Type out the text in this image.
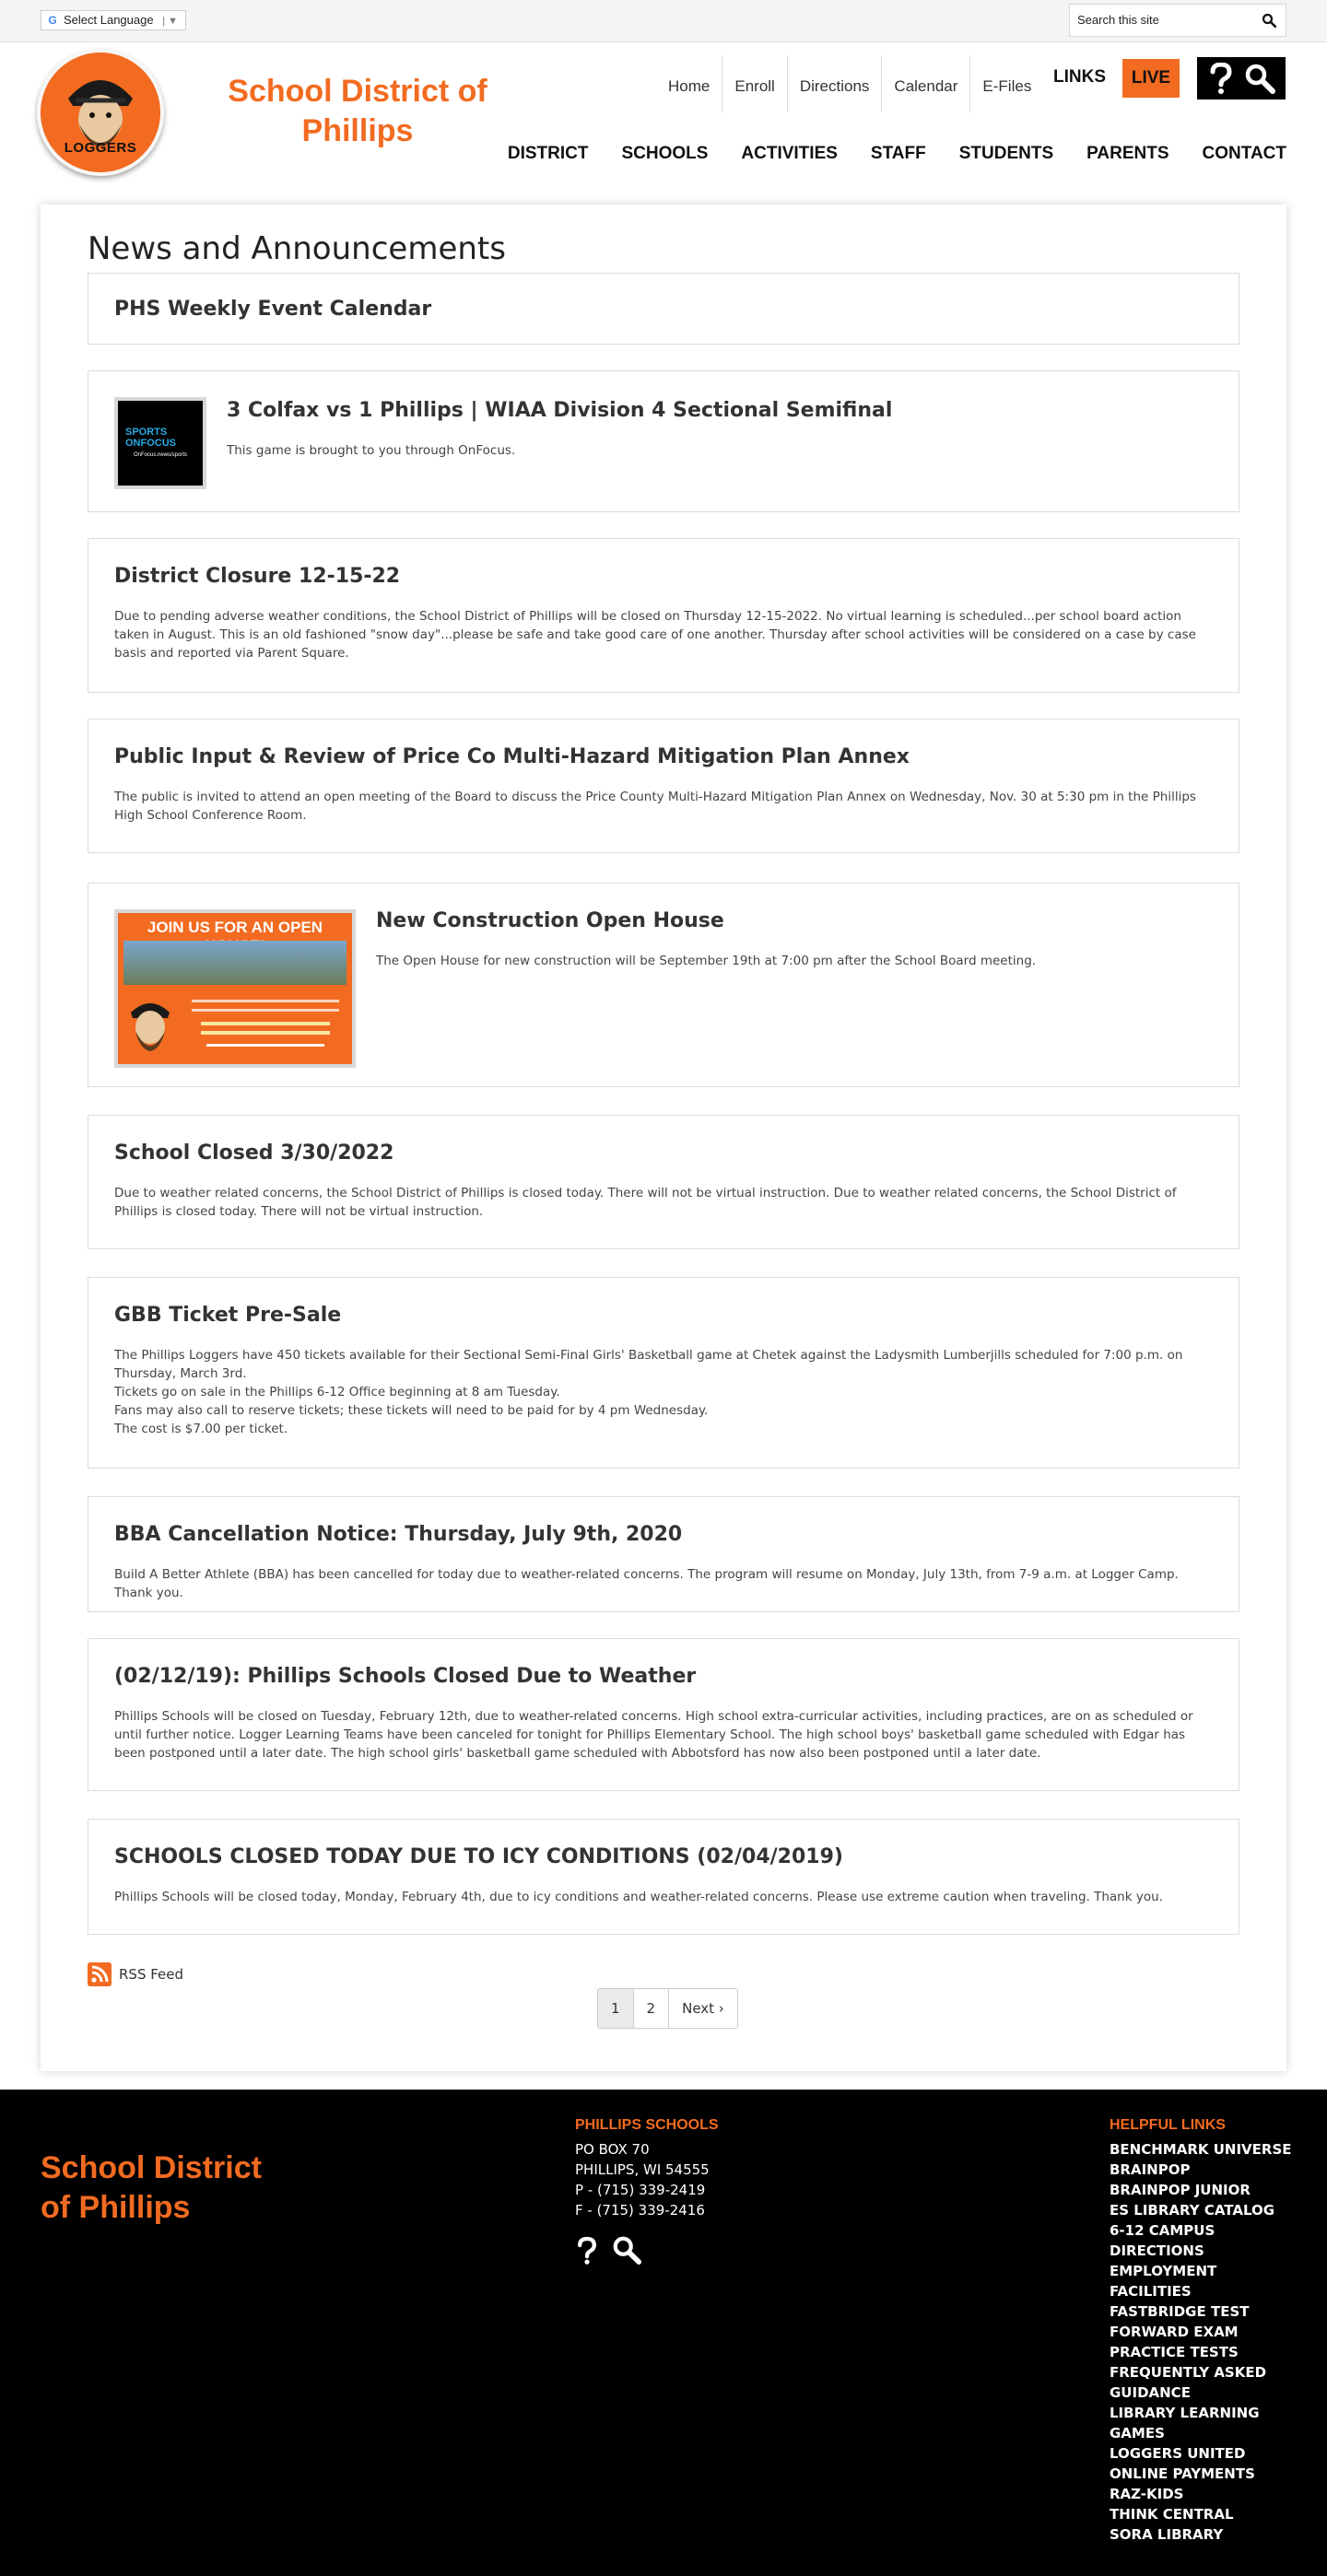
G Select Language | ▼	Search this site
LOGGERS
School District of
Phillips
Home	Enroll	Directions	Calendar	E-Files	LINKS	LIVE
DISTRICT	SCHOOLS	ACTIVITIES	STAFF	STUDENTS	PARENTS	CONTACT
News and Announcements
PHS Weekly Event Calendar
SPORTS ONFOCUS
OnFocus.news/sports
3 Colfax vs 1 Phillips | WIAA Division 4 Sectional Semifinal

This game is brought to you through OnFocus.

District Closure 12-15-22

Due to pending adverse weather conditions, the School District of Phillips will be closed on Thursday 12-15-2022. No virtual learning is scheduled...per school board action taken in August. This is an old fashioned "snow day"...please be safe and take good care of one another. Thursday after school activities will be considered on a case by case basis and reported via Parent Square.

Public Input & Review of Price Co Multi-Hazard Mitigation Plan Annex

The public is invited to attend an open meeting of the Board to discuss the Price County Multi-Hazard Mitigation Plan Annex on Wednesday, Nov. 30 at 5:30 pm in the Phillips High School Conference Room.

JOIN US FOR AN OPEN	New Construction Open House

The Open House for new construction will be September 19th at 7:00 pm after the School Board meeting.

School Closed 3/30/2022

Due to weather related concerns, the School District of Phillips is closed today. There will not be virtual instruction. Due to weather related concerns, the School District of Phillips is closed today. There will not be virtual instruction.

GBB Ticket Pre-Sale

The Phillips Loggers have 450 tickets available for their Sectional Semi-Final Girls' Basketball game at Chetek against the Ladysmith Lumberjills scheduled for 7:00 p.m. on Thursday, March 3rd.
Tickets go on sale in the Phillips 6-12 Office beginning at 8 am Tuesday.
Fans may also call to reserve tickets; these tickets will need to be paid for by 4 pm Wednesday.
The cost is $7.00 per ticket.

BBA Cancellation Notice: Thursday, July 9th, 2020

Build A Better Athlete (BBA) has been cancelled for today due to weather-related concerns. The program will resume on Monday, July 13th, from 7-9 a.m. at Logger Camp. Thank you.

(02/12/19): Phillips Schools Closed Due to Weather

Phillips Schools will be closed on Tuesday, February 12th, due to weather-related concerns. High school extra-curricular activities, including practices, are on as scheduled or until further notice. Logger Learning Teams have been canceled for tonight for Phillips Elementary School. The high school boys' basketball game scheduled with Edgar has been postponed until a later date. The high school girls' basketball game scheduled with Abbotsford has now also been postponed until a later date.

SCHOOLS CLOSED TODAY DUE TO ICY CONDITIONS (02/04/2019)

Phillips Schools will be closed today, Monday, February 4th, due to icy conditions and weather-related concerns. Please use extreme caution when traveling. Thank you.

RSS Feed
1	2	Next ›
School District
of Phillips
PHILLIPS SCHOOLS
PO BOX 70
PHILLIPS, WI 54555
P - (715) 339-2419
F - (715) 339-2416
HELPFUL LINKS
BENCHMARK UNIVERSE
BRAINPOP
BRAINPOP JUNIOR
ES LIBRARY CATALOG
6-12 CAMPUS
DIRECTIONS
EMPLOYMENT
FACILITIES
FASTBRIDGE TEST
FORWARD EXAM
PRACTICE TESTS
FREQUENTLY ASKED
GUIDANCE
LIBRARY LEARNING
GAMES
LOGGERS UNITED
ONLINE PAYMENTS
RAZ-KIDS
THINK CENTRAL
SORA LIBRARY
